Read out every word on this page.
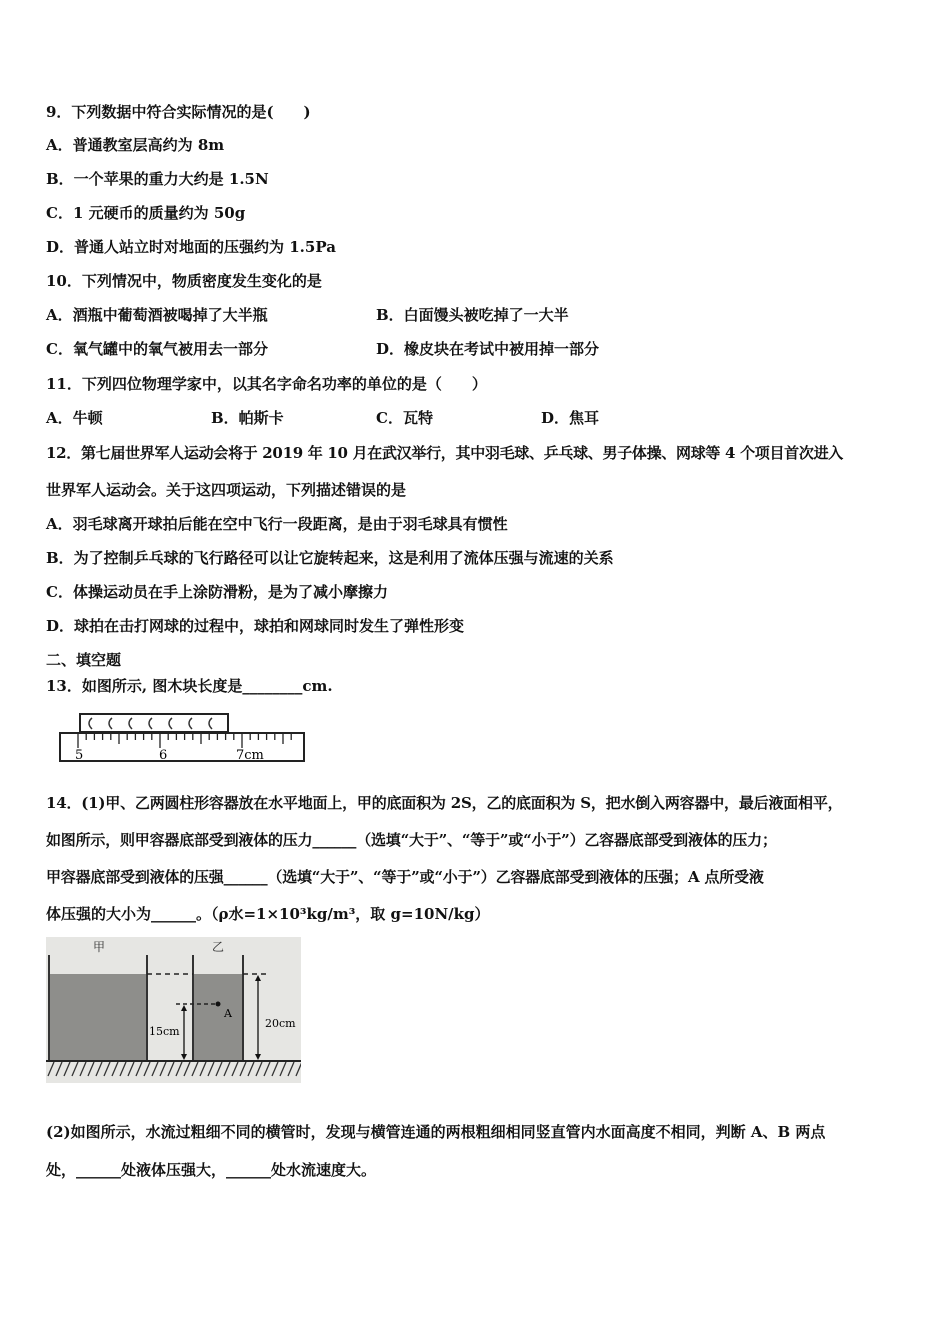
9．下列数据中符合实际情况的是(　　)
A．普通教室层高约为 8m
B．一个苹果的重力大约是 1.5N
C．1 元硬币的质量约为 50g
D．普通人站立时对地面的压强约为 1.5Pa
10．下列情况中，物质密度发生变化的是
A．酒瓶中葡萄酒被喝掉了大半瓶	B．白面馒头被吃掉了一大半
C．氧气罐中的氧气被用去一部分	D．橡皮块在考试中被用掉一部分
11．下列四位物理学家中，以其名字命名功率的单位的是（　　）
A．牛顿	B．帕斯卡	C．瓦特	D．焦耳
12．第七届世界军人运动会将于 2019 年 10 月在武汉举行，其中羽毛球、乒乓球、男子体操、网球等 4 个项目首次进入
世界军人运动会。关于这四项运动，下列描述错误的是
A．羽毛球离开球拍后能在空中飞行一段距离，是由于羽毛球具有惯性
B．为了控制乒乓球的飞行路径可以让它旋转起来，这是利用了流体压强与流速的关系
C．体操运动员在手上涂防滑粉，是为了减小摩擦力
D．球拍在击打网球的过程中，球拍和网球同时发生了弹性形变
二、填空题
13．如图所示, 图木块长度是________cm.
5	6	7cm
14．(1)甲、乙两圆柱形容器放在水平地面上，甲的底面积为 2S，乙的底面积为 S，把水倒入两容器中，最后液面相平，
如图所示，则甲容器底部受到液体的压力______（选填“大于”、“等于”或“小于”）乙容器底部受到液体的压力；
甲容器底部受到液体的压强______（选填“大于”、“等于”或“小于”）乙容器底部受到液体的压强；A 点所受液
体压强的大小为______。（ρ水=1×10³kg/m³，取 g=10N/kg）
A
15cm
20cm
甲	乙
(2)如图所示，水流过粗细不同的横管时，发现与横管连通的两根粗细相同竖直管内水面高度不相同，判断 A、B 两点
处，______处液体压强大，______处水流速度大。
